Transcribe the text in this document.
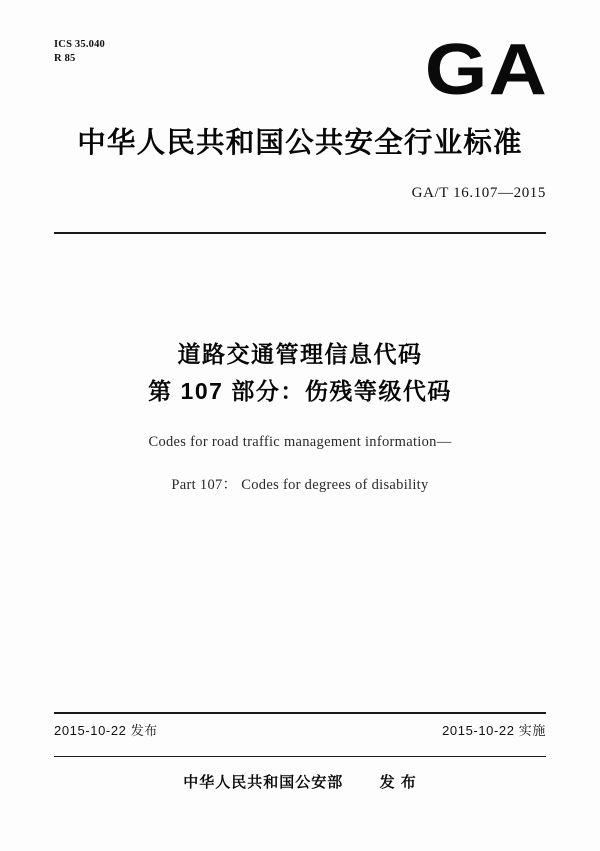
ICS 35.040
R 85	GA
中华人民共和国公共安全行业标准
GA/T 16.107—2015
道路交通管理信息代码
第 107 部分：伤残等级代码
Codes for road traffic management information—
Part 107： Codes for degrees of disability
2015-10-22 发布	2015-10-22 实施
中华人民共和国公安部 发 布
